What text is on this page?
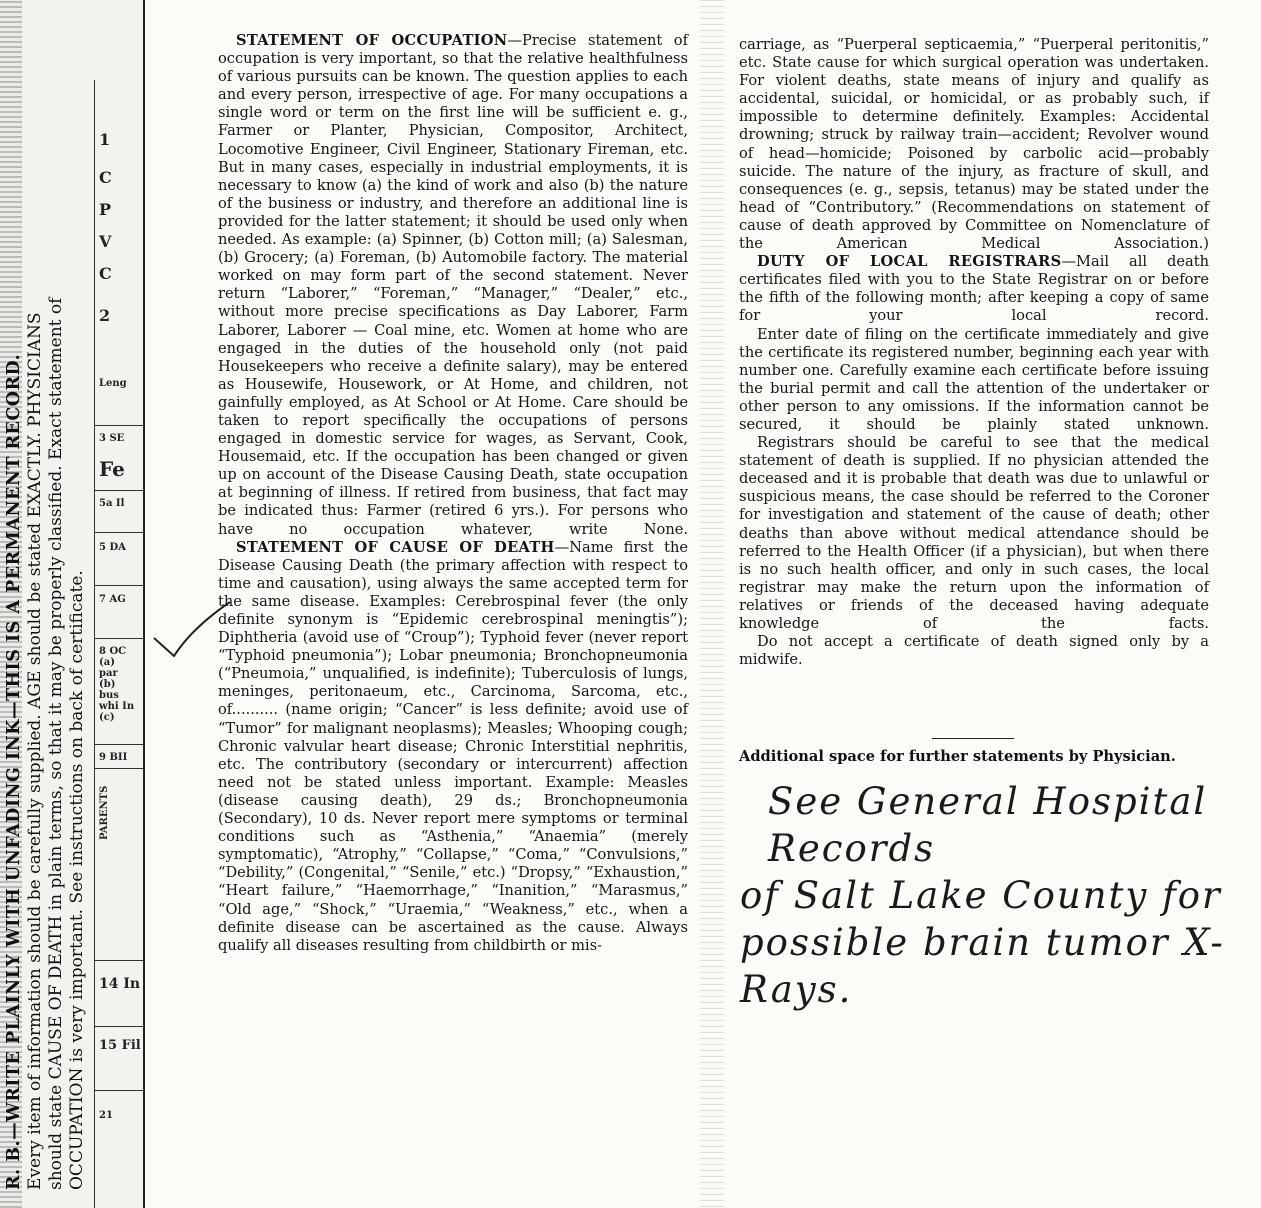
R. B.—WRITE PLAINLY WITH UNFADING INK—THIS IS A PERMANENT RECORD. Every item of information should be carefully supplied. AGE should be stated EXACTLY. PHYSICIANS should state CAUSE OF DEATH in plain terms, so that it may be properly classified. Exact statement of OCCUPATION is very important. See instructions on back of certificate.
1
C
P
V
C
2
Leng
3 SE
Fe
5a Il
5 DA
7 AG
8 OC (a) par (b) bus whi In (c)
9 BII
PARENTS
14 In
15 Fil
21

STATEMENT OF OCCUPATION—Precise statement of occupation is very important, so that the relative healthfulness of various pursuits can be known. The question applies to each and every person, irrespective of age. For many occupations a single word or term on the first line will be sufficient e. g., Farmer or Planter, Physician, Compositor, Architect, Locomotive Engineer, Civil Engineer, Stationary Fireman, etc. But in many cases, especially in industrial employments, it is necessary to know (a) the kind of work and also (b) the nature of the business or industry, and therefore an additional line is provided for the latter statement; it should be used only when needed. As example: (a) Spinner, (b) Cotton mill; (a) Salesman, (b) Grocery; (a) Foreman, (b) Automobile factory. The material worked on may form part of the second statement. Never return “Laborer,” “Foreman,” “Manager,” “Dealer,” etc., without more precise specifications as Day Laborer, Farm Laborer, Laborer — Coal mine, etc. Women at home who are engaged in the duties of the household only (not paid Housekeepers who receive a definite salary), may be entered as Housewife, Housework, or At Home, and children, not gainfully employed, as At School or At Home. Care should be taken to report specifically the occupations of persons engaged in domestic service for wages, as Servant, Cook, Housemaid, etc. If the occupation has been changed or given up on account of the Disease Causing Death, state occupation at beginning of illness. If retired from business, that fact may be indicated thus: Farmer (retired 6 yrs.). For persons who have no occupation whatever, write None.

STATEMENT OF CAUSE OF DEATH—Name first the Disease Causing Death (the primary affection with respect to time and causation), using always the same accepted term for the same disease. Examples: Cerebrospinal fever (the only definite synonym is “Epidemic cerebrospinal meningtis”); Diphtheria (avoid use of “Croup”); Typhoid fever (never report “Typhoid pneumonia”); Lobar pneumonia; Bronchopneumonia (“Pneumoia,” unqualified, is indefinite); Tuberculosis of lungs, meninges, peritonaeum, etc., Carcinoma, Sarcoma, etc., of.......... (name origin; “Cancer” is less definite; avoid use of “Tumor” for malignant neoplasms); Measles; Whooping cough; Chronic valvular heart disease; Chronic Interstitial nephritis, etc. The contributory (secondary or intercurrent) affection need not be stated unless important. Example: Measles (disease causing death), 29 ds.; Bronchopneumonia (Secondary), 10 ds. Never report mere symptoms or terminal conditions such as “Asthenia,” “Anaemia” (merely symptomatic), “Atrophy,” “Collapse,” “Coma,” “Convulsions,” “Debility,” (Congenital,” “Senile,” etc.) “Dropsy,” “Exhaustion,” “Heart failure,” “Haemorrhage,” “Inanition,” “Marasmus,” “Old age,” “Shock,” “Uraemia,” “Weakness,” etc., when a definite disease can be ascertained as the cause. Always qualify all diseases resulting from childbirth or mis-

carriage, as “Puerperal septicaemia,” “Puerperal peritonitis,” etc. State cause for which surgical operation was undertaken. For violent deaths, state means of injury and qualify as accidental, suicidal, or homicidal, or as probably such, if impossible to determine definitely. Examples: Accidental drowning; struck by railway train—accident; Revolver wound of head—homicide; Poisoned by carbolic acid—probably suicide. The nature of the injury, as fracture of skull, and consequences (e. g., sepsis, tetanus) may be stated under the head of “Contributory.” (Recommendations on statement of cause of death approved by Committee on Nomenclature of the American Medical Association.)

DUTY OF LOCAL REGISTRARS—Mail all death certificates filed with you to the State Registrar on or before the fifth of the following month; after keeping a copy of same for your local record.

Enter date of filing on the certificate immediately and give the certificate its registered number, beginning each year with number one. Carefully examine each certificate before issuing the burial permit and call the attention of the undertaker or other person to any omissions. If the information cannot be secured, it should be plainly stated unknown.

Registrars should be careful to see that the medical statement of death is supplied. If no physician attended the deceased and it is probable that death was due to unlawful or suspicious means, the case should be referred to the Coroner for investigation and statement of the cause of death; other deaths than above without medical attendance should be referred to the Health Officer (if a physician), but when there is no such health officer, and only in such cases, the local registrar may make the return upon the information of relatives or friends of the deceased having adequate knowledge of the facts.

Do not accept a certificate of death signed only by a midwife.

Additional space for further statements by Physician.
See General Hospital Records
of Salt Lake County for
possible brain tumor X-Rays.
